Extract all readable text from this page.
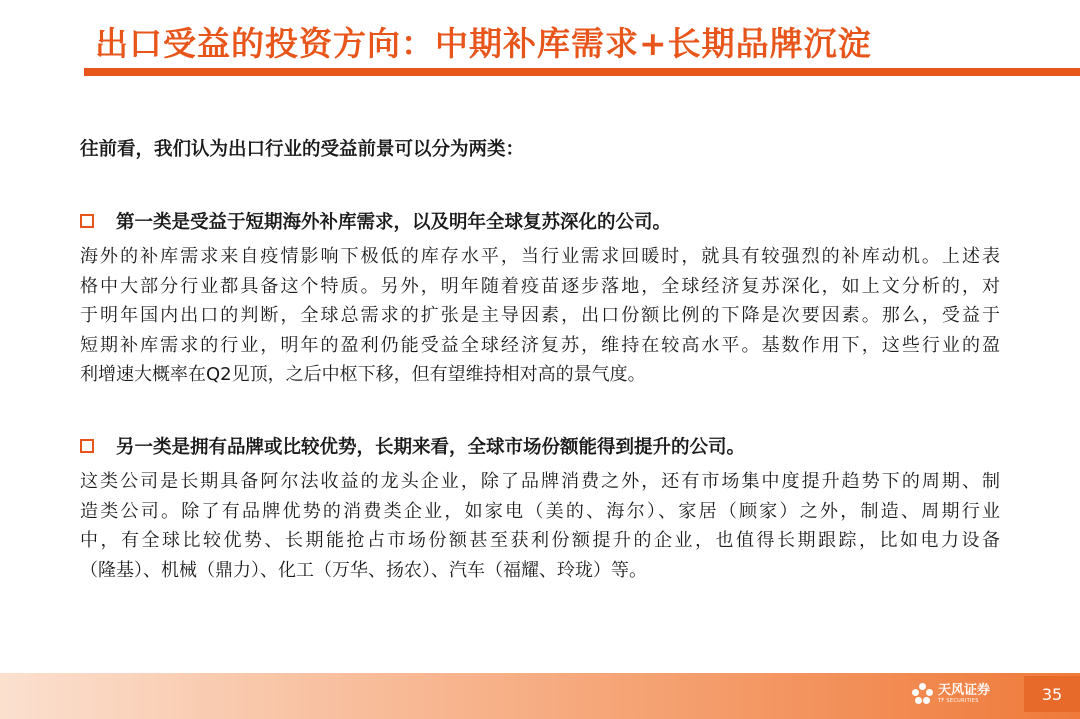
出口受益的投资方向：中期补库需求+长期品牌沉淀
往前看，我们认为出口行业的受益前景可以分为两类：
第一类是受益于短期海外补库需求，以及明年全球复苏深化的公司。
海外的补库需求来自疫情影响下极低的库存水平，当行业需求回暖时，就具有较强烈的补库动机。上述表
格中大部分行业都具备这个特质。另外，明年随着疫苗逐步落地，全球经济复苏深化，如上文分析的，对
于明年国内出口的判断，全球总需求的扩张是主导因素，出口份额比例的下降是次要因素。那么，受益于
短期补库需求的行业，明年的盈利仍能受益全球经济复苏，维持在较高水平。基数作用下，这些行业的盈
利增速大概率在Q2见顶，之后中枢下移，但有望维持相对高的景气度。
另一类是拥有品牌或比较优势，长期来看，全球市场份额能得到提升的公司。
这类公司是长期具备阿尔法收益的龙头企业，除了品牌消费之外，还有市场集中度提升趋势下的周期、制
造类公司。除了有品牌优势的消费类企业，如家电（美的、海尔）、家居（顾家）之外，制造、周期行业
中，有全球比较优势、长期能抢占市场份额甚至获利份额提升的企业，也值得长期跟踪，比如电力设备
（隆基）、机械（鼎力）、化工（万华、扬农）、汽车（福耀、玲珑）等。
天风证券
TF SECURITIES	35
